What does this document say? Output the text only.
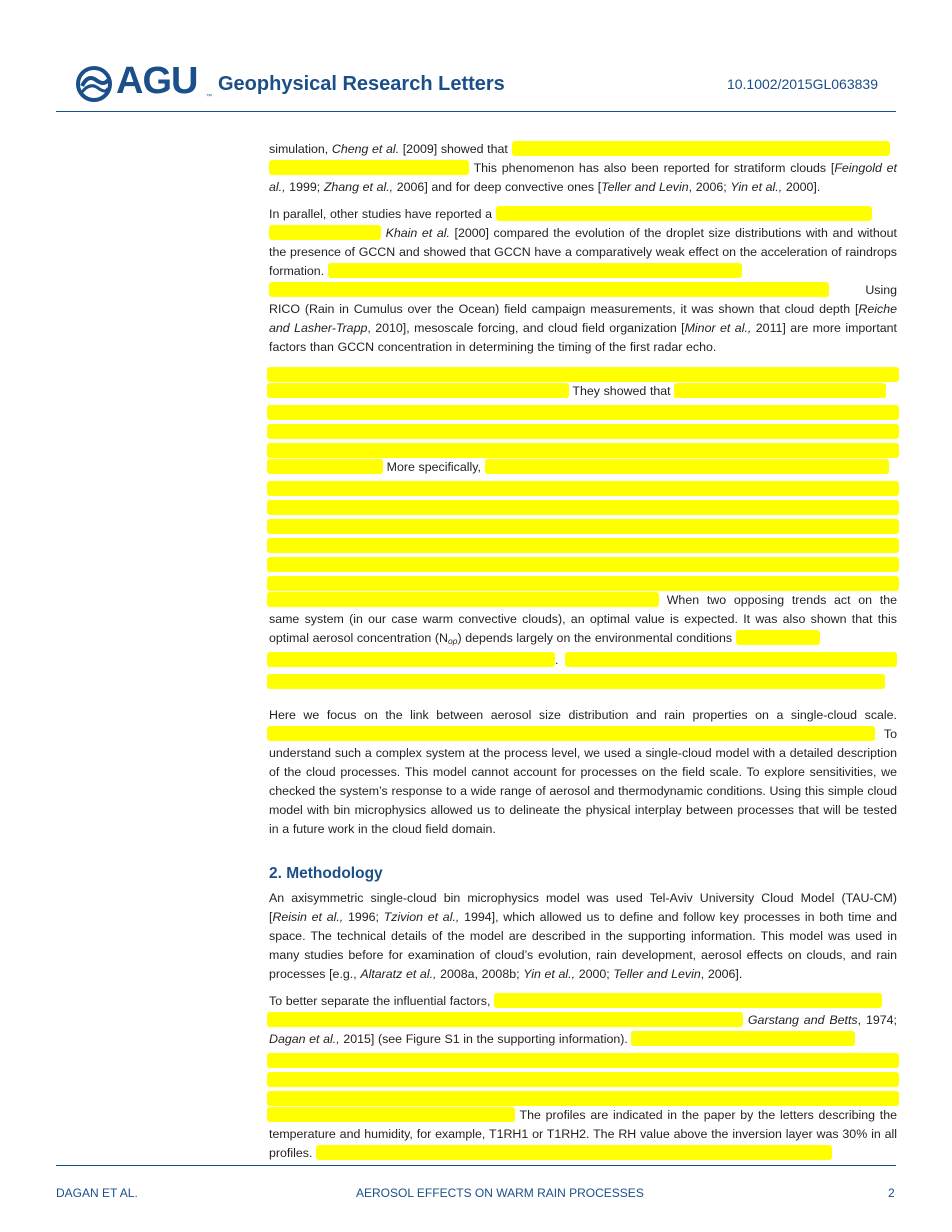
AGU ™
Geophysical Research Letters	10.1002/2015GL063839

simulation, Cheng et al. [2009] showed that
This phenomenon has also been reported for stratiform clouds [Feingold et al., 1999; Zhang et al., 2006] and for deep convective ones [Teller and Levin, 2006; Yin et al., 2000].

In parallel, other studies have reported a
Khain et al. [2000] compared the evolution of the droplet size distributions with and without the presence of GCCN and showed that GCCN have a comparatively weak effect on the acceleration of raindrops formation.
Using RICO (Rain in Cumulus over the Ocean) field campaign measurements, it was shown that cloud depth [Reiche and Lasher-Trapp, 2010], mesoscale forcing, and cloud field organization [Minor et al., 2011] are more important factors than GCCN concentration in determining the timing of the first radar echo.

They showed that
More specifically,
When two opposing trends act on the same system (in our case warm convective clouds), an optimal value is expected. It was also shown that this optimal aerosol concentration $(N_{op})$ depends largely on the environmental conditions
.

Here we focus on the link between aerosol size distribution and rain properties on a single-cloud scale.  To understand such a complex system at the process level, we used a single-cloud model with a detailed description of the cloud processes. This model cannot account for processes on the field scale. To explore sensitivities, we checked the system’s response to a wide range of aerosol and thermodynamic conditions. Using this simple cloud model with bin microphysics allowed us to delineate the physical interplay between processes that will be tested in a future work in the cloud field domain.

2. Methodology

An axisymmetric single-cloud bin microphysics model was used Tel-Aviv University Cloud Model (TAU-CM) [Reisin et al., 1996; Tzivion et al., 1994], which allowed us to define and follow key processes in both time and space. The technical details of the model are described in the supporting information. This model was used in many studies before for examination of cloud’s evolution, rain development, aerosol effects on clouds, and rain processes [e.g., Altaratz et al., 2008a, 2008b; Yin et al., 2000; Teller and Levin, 2006].

To better separate the influential factors,
Garstang and Betts, 1974; Dagan et al., 2015] (see Figure S1 in the supporting information).
The profiles are indicated in the paper by the letters describing the temperature and humidity, for example, T1RH1 or T1RH2. The RH value above the inversion layer was 30% in all profiles.
DAGAN ET AL.	AEROSOL EFFECTS ON WARM RAIN PROCESSES	2
